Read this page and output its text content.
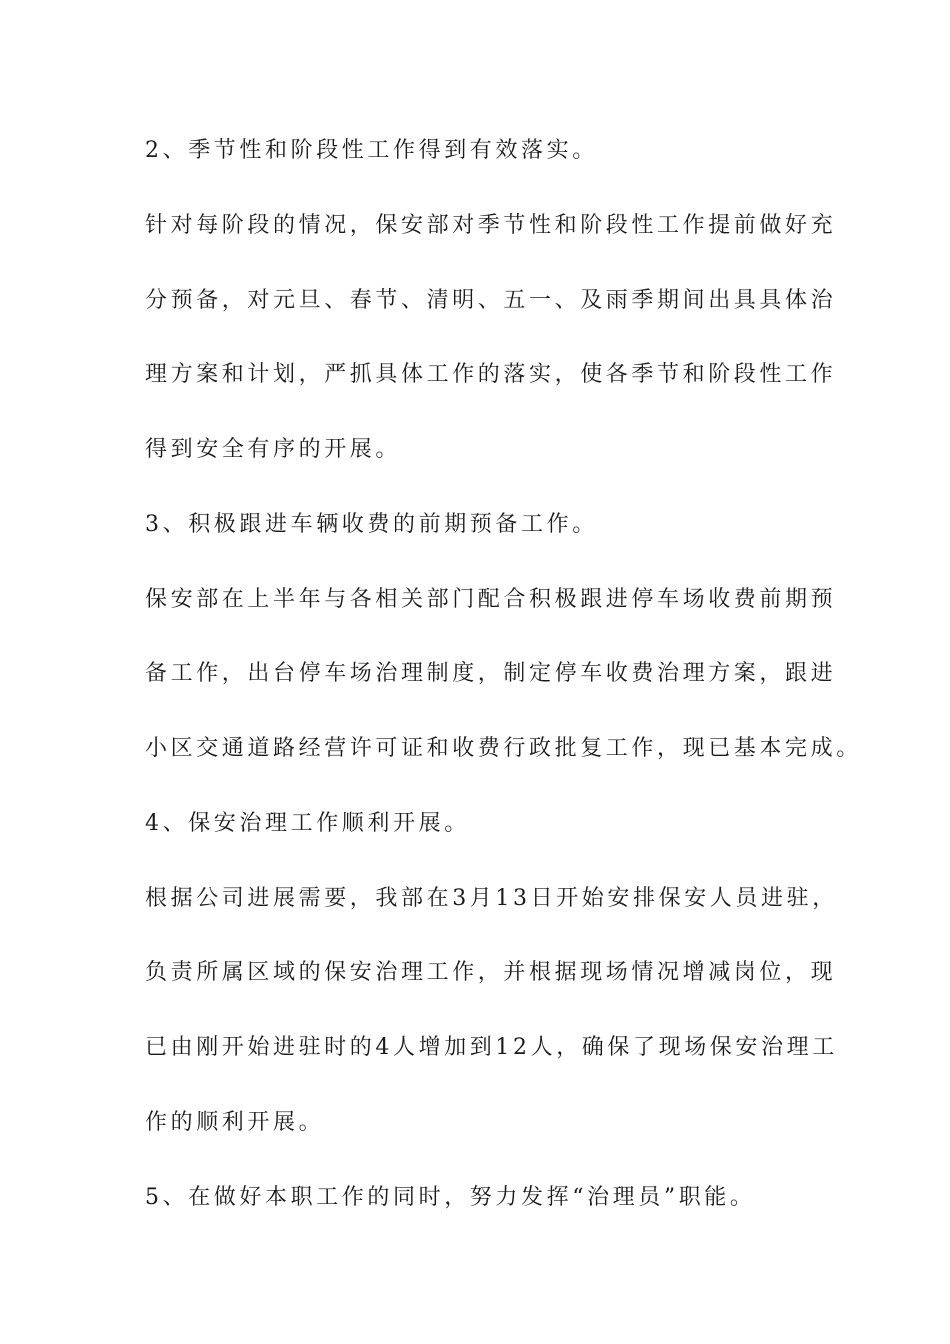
2、季节性和阶段性工作得到有效落实。

针对每阶段的情况，保安部对季节性和阶段性工作提前做好充

分预备，对元旦、春节、清明、五一、及雨季期间出具具体治

理方案和计划，严抓具体工作的落实，使各季节和阶段性工作

得到安全有序的开展。

3、积极跟进车辆收费的前期预备工作。

保安部在上半年与各相关部门配合积极跟进停车场收费前期预

备工作，出台停车场治理制度，制定停车收费治理方案，跟进

小区交通道路经营许可证和收费行政批复工作，现已基本完成。

4、保安治理工作顺利开展。

根据公司进展需要，我部在3月13日开始安排保安人员进驻，

负责所属区域的保安治理工作，并根据现场情况增减岗位，现

已由刚开始进驻时的4人增加到12人，确保了现场保安治理工

作的顺利开展。

5、在做好本职工作的同时，努力发挥“治理员”职能。
